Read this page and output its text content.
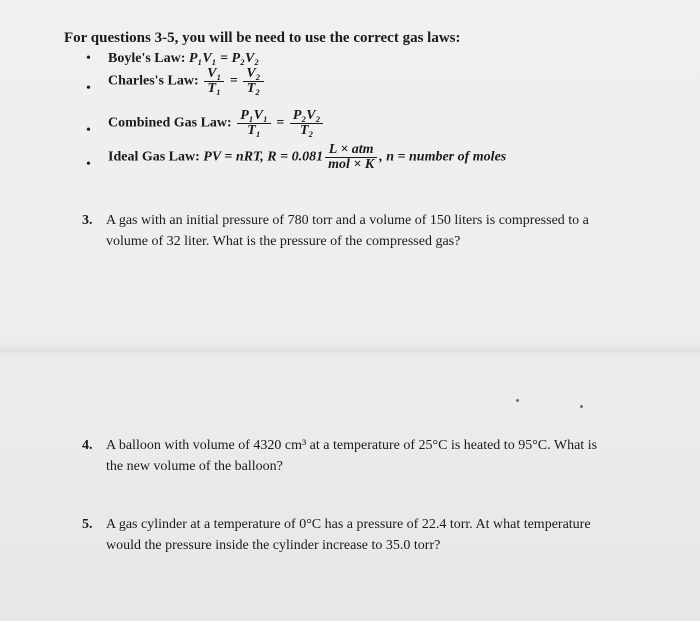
For questions 3-5, you will be need to use the correct gas laws:
• Boyle's Law: P₁V₁ = P₂V₂
• Charles's Law: $\frac{\text{V₁}}{\text{T₁}} = \frac{\text{V₂}}{\text{T₂}}$
• Combined Gas Law: $\frac{\text{P₁V₁}}{\text{T₁}} = \frac{\text{P₂V₂}}{\text{T₂}}$
• Ideal Gas Law: PV = nRT, $R = 0.081 \frac{\text{L × atm}}{\text{mol × K}}$ , n = number of moles
3. A gas with an initial pressure of 780 torr and a volume of 150 liters is compressed to a
volume of 32 liter. What is the pressure of the compressed gas?
4. A balloon with volume of 4320 cm³ at a temperature of 25°C is heated to 95°C. What is
the new volume of the balloon?
5. A gas cylinder at a temperature of 0°C has a pressure of 22.4 torr. At what temperature
would the pressure inside the cylinder increase to 35.0 torr?
